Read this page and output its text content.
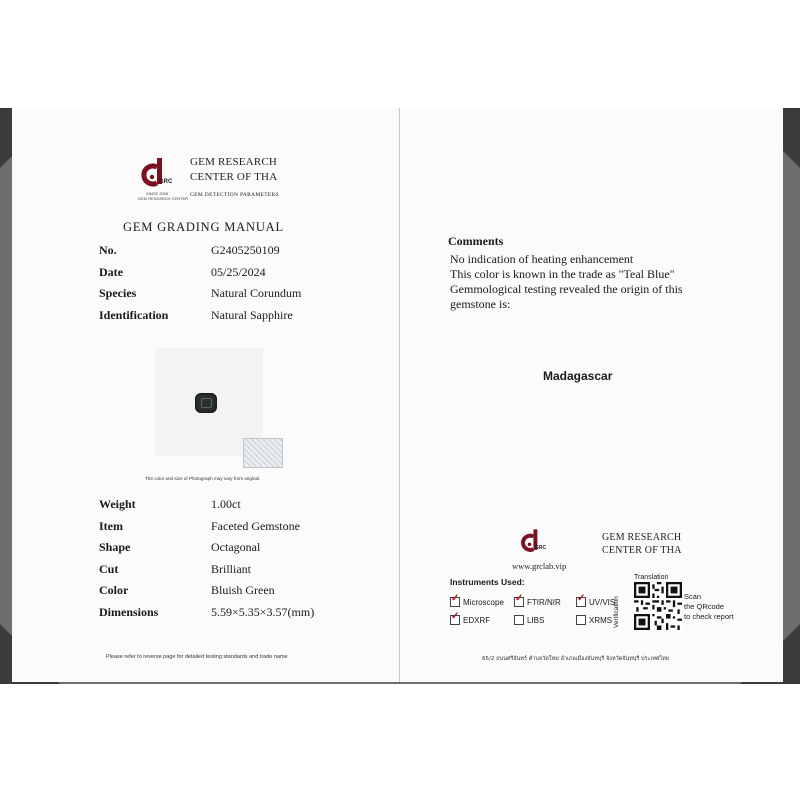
GRC
SINCE 2005
GEM RESEARCH CENTER
GEM RESEARCH
CENTER OF THA
GEM DETECTION PARAMETERS
GEM GRADING MANUAL
No.	G2405250109
Date	05/25/2024
Species	Natural Corundum
Identification	Natural Sapphire
The color and size of Photograph may vary from original.
Weight	1.00ct
Item	Faceted Gemstone
Shape	Octagonal
Cut	Brilliant
Color	Bluish Green
Dimensions	5.59×5.35×3.57(mm)
Please refer to reverse page for detailed testing standards and trade name
Comments
No indication of heating enhancement
This color is known in the trade as "Teal Blue"
Gemmological testing revealed the origin of this
gemstone is:
Madagascar
GRC
GEM RESEARCH
CENTER OF THA
www.grclab.vip
Instruments Used:
✓
Microscope ✓	FTIR/NIR ✓	UV/VIS
✓
EDXRF	LIBS	XRMS
Translation
Verification	Scan
the QRcode
to check report
65/2 ถนนศรีจันทร์ ตำบลวัดใหม่ อำเภอเมืองจันทบุรี จังหวัดจันทบุรี ประเทศไทย
